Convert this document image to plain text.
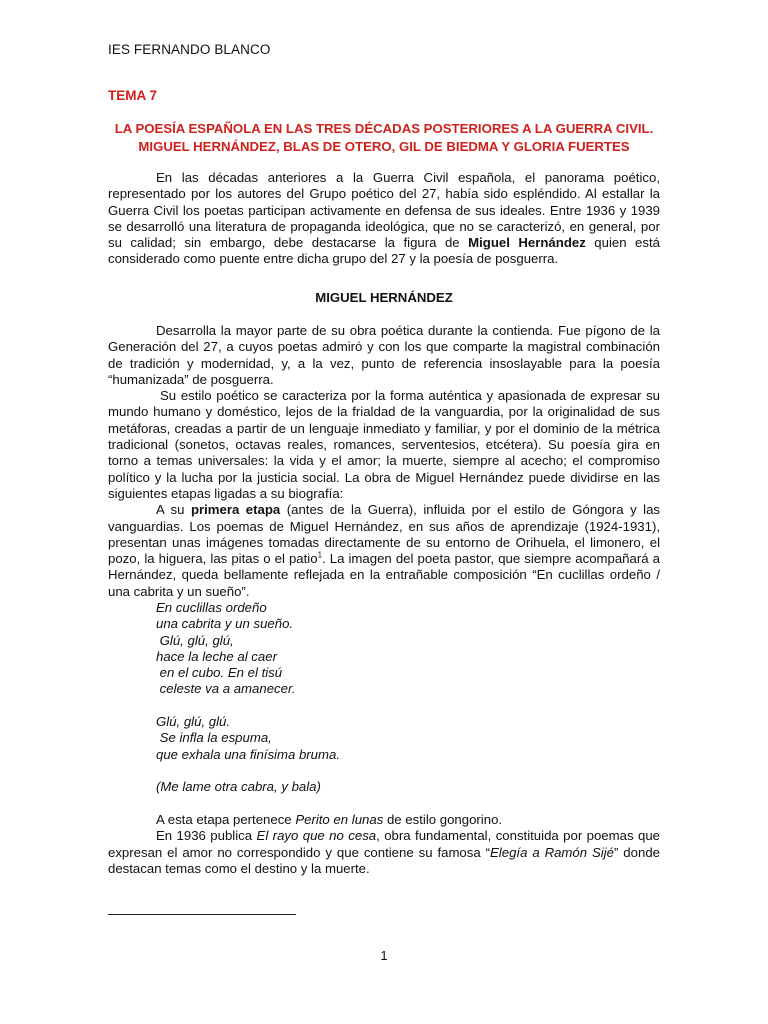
IES FERNANDO BLANCO
TEMA 7
LA POESÍA ESPAÑOLA EN LAS TRES DÉCADAS POSTERIORES A LA GUERRA CIVIL.
MIGUEL HERNÁNDEZ, BLAS DE OTERO, GIL DE BIEDMA Y GLORIA FUERTES

En las décadas anteriores a la Guerra Civil española, el panorama poético, representado por los autores del Grupo poético del 27, había sido espléndido. Al estallar la Guerra Civil los poetas participan activamente en defensa de sus ideales. Entre 1936 y 1939 se desarrolló una literatura de propaganda ideológica, que no se caracterizó, en general, por su calidad; sin embargo, debe destacarse la figura de Miguel Hernández quien está considerado como puente entre dicha grupo del 27 y la poesía de posguerra.

MIGUEL HERNÁNDEZ

Desarrolla la mayor parte de su obra poética durante la contienda. Fue pígono de la Generación del 27, a cuyos poetas admiró y con los que comparte la magistral combinación de tradición y modernidad, y, a la vez, punto de referencia insoslayable para la poesía “humanizada” de posguerra.

Su estilo poético se caracteriza por la forma auténtica y apasionada de expresar su mundo humano y doméstico, lejos de la frialdad de la vanguardia, por la originalidad de sus metáforas, creadas a partir de un lenguaje inmediato y familiar, y por el dominio de la métrica tradicional (sonetos, octavas reales, romances, serventesios, etcétera). Su poesía gira en torno a temas universales: la vida y el amor; la muerte, siempre al acecho; el compromiso político y la lucha por la justicia social. La obra de Miguel Hernández puede dividirse en las siguientes etapas ligadas a su biografía:

A su primera etapa (antes de la Guerra), influida por el estilo de Góngora y las vanguardias. Los poemas de Miguel Hernández, en sus años de aprendizaje (1924-1931), presentan unas imágenes tomadas directamente de su entorno de Orihuela, el limonero, el pozo, la higuera, las pitas o el patio$^1$. La imagen del poeta pastor, que siempre acompañará a Hernández, queda bellamente reflejada en la entrañable composición “En cuclillas ordeño / una cabrita y un sueño”.

En cuclillas ordeño
una cabrita y un sueño.
Glú, glú, glú,
hace la leche al caer
en el cubo. En el tisú
celeste va a amanecer.
Glú, glú, glú.
Se infla la espuma,
que exhala una finísima bruma.
(Me lame otra cabra, y bala)

A esta etapa pertenece Perito en lunas de estilo gongorino.

En 1936 publica El rayo que no cesa, obra fundamental, constituida por poemas que expresan el amor no correspondido y que contiene su famosa “Elegía a Ramón Sijé” donde destacan temas como el destino y la muerte.

1
